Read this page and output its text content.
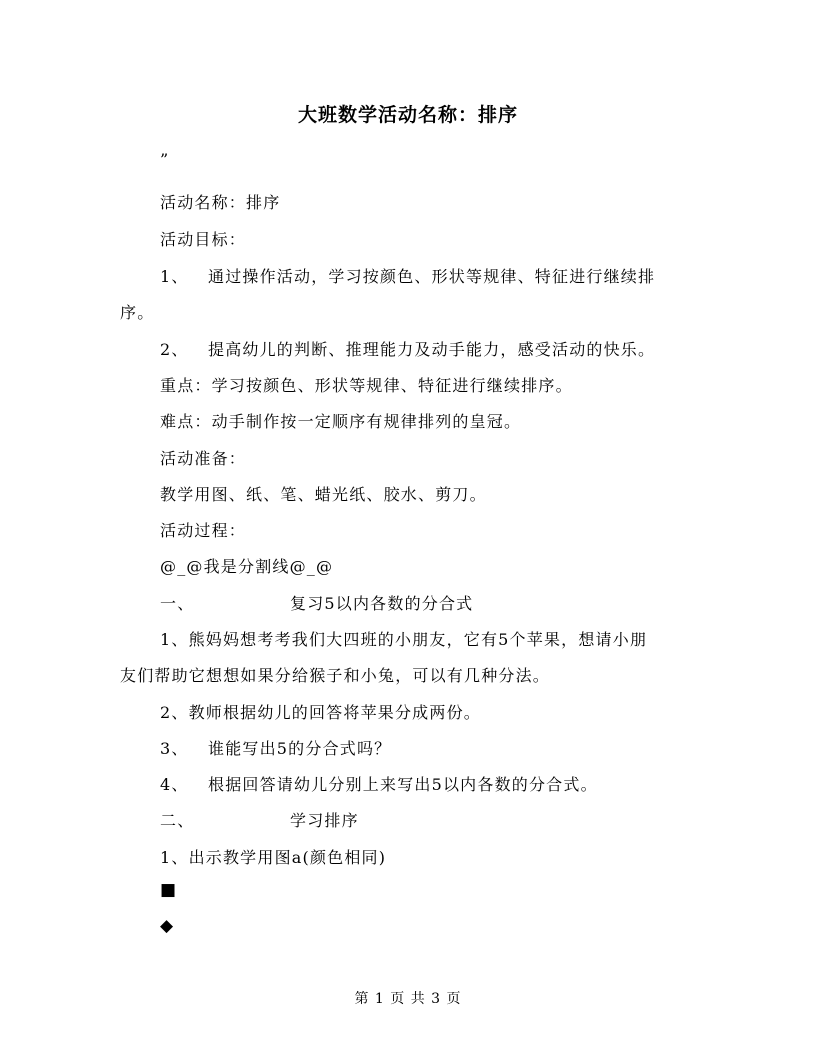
大班数学活动名称：排序
”
活动名称：排序
活动目标：
1、 通过操作活动，学习按颜色、形状等规律、特征进行继续排
序。
2、 提高幼儿的判断、推理能力及动手能力，感受活动的快乐。
重点：学习按颜色、形状等规律、特征进行继续排序。
难点：动手制作按一定顺序有规律排列的皇冠。
活动准备：
教学用图、纸、笔、蜡光纸、胶水、剪刀。
活动过程：
@_@我是分割线@_@
一、	复习5以内各数的分合式
1、熊妈妈想考考我们大四班的小朋友，它有5个苹果，想请小朋
友们帮助它想想如果分给猴子和小兔，可以有几种分法。
2、教师根据幼儿的回答将苹果分成两份。
3、 谁能写出5的分合式吗？
4、 根据回答请幼儿分别上来写出5以内各数的分合式。
二、	学习排序
1、出示教学用图a(颜色相同)
■
◆
第 1 页 共 3 页
